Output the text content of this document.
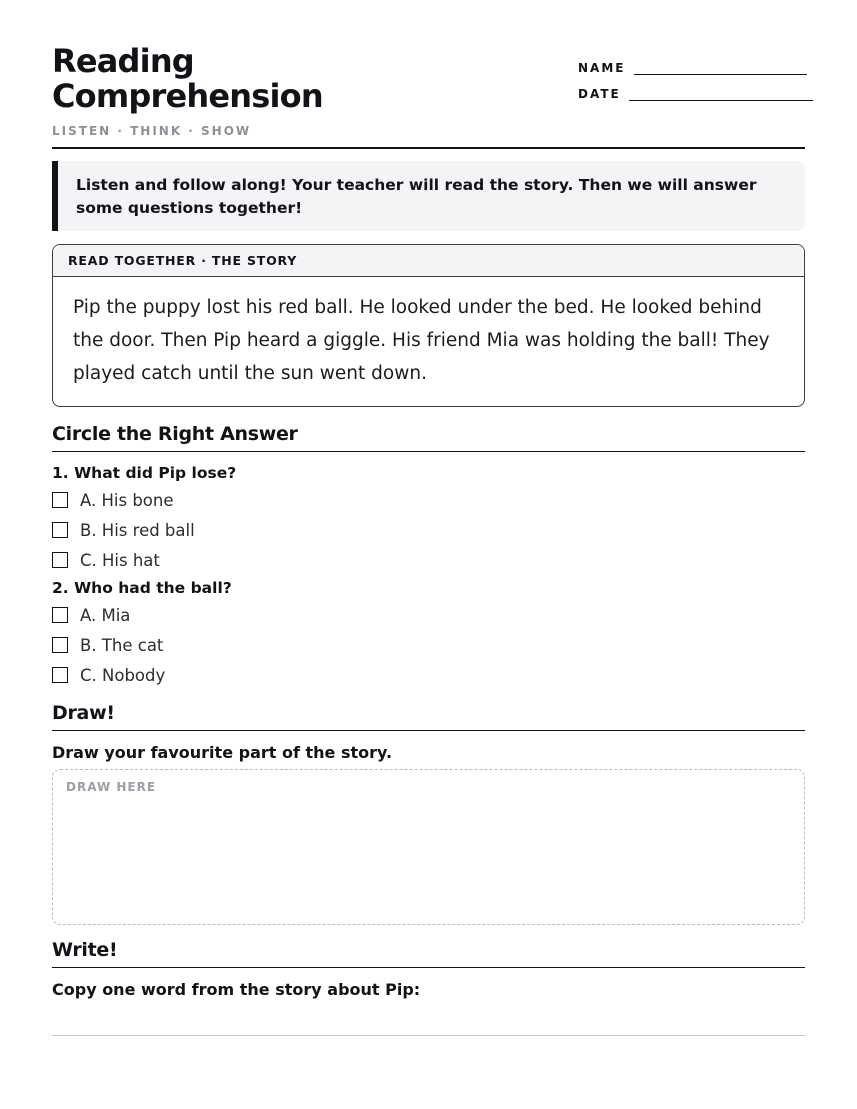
Reading
Comprehension
LISTEN · THINK · SHOW
NAME
DATE
Listen and follow along! Your teacher will read the story. Then we will answer some questions together!
READ TOGETHER · THE STORY
Pip the puppy lost his red ball. He looked under the bed. He looked behind the door. Then Pip heard a giggle. His friend Mia was holding the ball! They played catch until the sun went down.
Circle the Right Answer
1. What did Pip lose?
A. His bone
B. His red ball
C. His hat
2. Who had the ball?
A. Mia
B. The cat
C. Nobody
Draw!
Draw your favourite part of the story.
DRAW HERE
Write!
Copy one word from the story about Pip:
